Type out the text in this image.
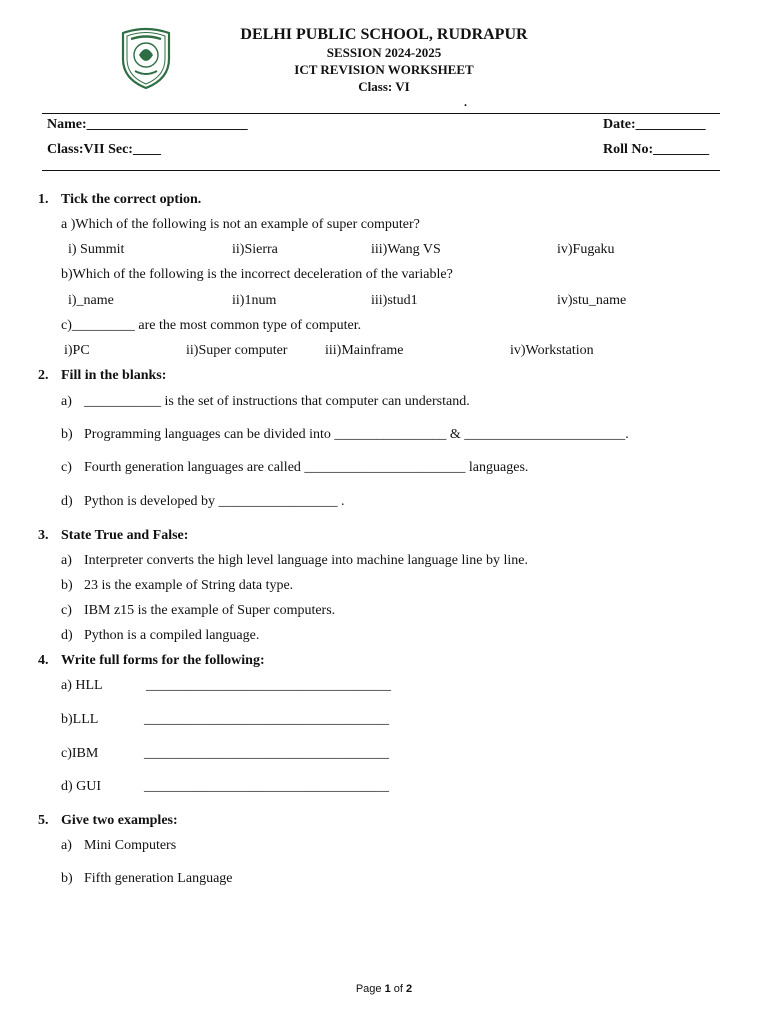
DELHI PUBLIC SCHOOL, RUDRAPUR
SESSION 2024-2025
ICT REVISION WORKSHEET
Class: VI
.
Name:_______________________	Date:__________
Class:VII Sec:____	Roll No:________
1. Tick the correct option.
a )Which of the following is not an example of super computer?
i) Summit	ii)Sierra	iii)Wang VS	iv)Fugaku
b)Which of the following is the incorrect deceleration of the variable?
i)_name	ii)1num	iii)stud1	iv)stu_name
c)_________ are the most common type of computer.
i)PC	ii)Super computer	iii)Mainframe	iv)Workstation
2. Fill in the blanks:
a) ___________ is the set of instructions that computer can understand.
b) Programming languages can be divided into ________________ & _______________________.
c) Fourth generation languages are called _______________________ languages.
d) Python is developed by _________________ .
3. State True and False:
a) Interpreter converts the high level language into machine language line by line.
b) 23 is the example of String data type.
c) IBM z15 is the example of Super computers.
d) Python is a compiled language.
4. Write full forms for the following:
a) HLL	___________________________________
b)LLL	___________________________________
c)IBM	___________________________________
d) GUI	___________________________________
5. Give two examples:
a) Mini Computers
b) Fifth generation Language
Page 1 of 2
